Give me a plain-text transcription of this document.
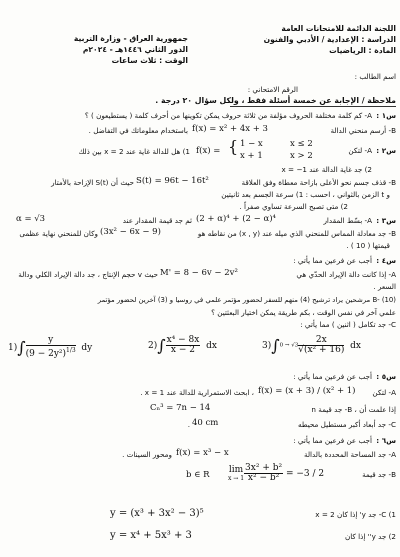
اللجنة الدائمة للامتحانات العامة
الدراسة : الإعدادية / الأدبي والفنون
المادة : الرياضيات
جمهورية العراق - وزارة التربية
الدور الثاني ١٤٤٦هـ - ٢٠٢٤م
الوقت : ثلاث ساعات
اسم الطالب :
الرقم الامتحاني :
ملاحظة / الإجابة عن خمسة أسئلة فقط ، ولكل سؤال ٢٠ درجة .
س١ :
A- كم كلمة مختلفة الحروف مؤلفة من ثلاثة حروف يمكن تكوينها من أحرف كلمة ( يستطيعون ) ؟
B- أرسم منحني الدالة
f(x) = x² + 4x + 3
باستخدام معلوماتك في التفاضل .
س٢ :
A- لتكن
f(x) = { 1 − x	x ≤ 2
x + 1	x > 2
1) هل للدالة غاية عند x = 2 بين ذلك
2) جد غاية الدالة عند 1− = x
B- قذف جسم نحو الأعلى بازاحة معطاة وفق العلاقة
S(t) = 96t − 16t²
حيث أن S(t) الإزاحة بالأمتار
و t الزمن بالثواني ، احسب : 1) سرعة الجسم بعد ثانيتين
2) متى تصبح السرعة تساوي صفراً .
س٣ :
A- بسّط المقدار
(2 + α)⁴ + (2 − α)⁴
ثم جد قيمة المقدار عند
α = √3
B- جد معادلة المماس للمنحني الذي ميله عند (x , y) من نقاطه هو
(3x² − 6x − 9)
وكان للمنحني نهاية عظمى
قيمتها ( 10 ) .
س٤ :
أجب عن فرعين مما يأتي :
A- إذا كانت دالة الإيراد الحدّي هي
M' = 8 − 6v − 2v²
حيث v حجم الإنتاج ، جد دالة الإيراد الكلي ودالة
السعر .
B- (10) مرشحين يراد ترشيح (4) منهم للسفر لحضور مؤتمر علمي في روسيا و (3) آخرين لحضور مؤتمر
علمي آخر في نفس الوقت ، بكم طريقة يمكن اختيار البعثتين ؟
C- جد تكامل ( اثنين ) مما يأتي :
$1)\int \frac{y}{(9 - 2y^2)^{1/3}}$ dy	$2)\int \frac{\text{x⁴ − 8x}}{x - 2}$ dx	$3)\int 0 \to √3 \frac{2x}{\text{√(x² + 16)}}$ dx
س٥ :
أجب عن فرعين مما يأتي :
A- لتكن
f(x) = (x + 3) / (x² + 1)
، ابحث الاستمرارية للدالة عند x = 1 .
Cₙ³ = 7n − 14	إذا علمت أن ، B- جد قيمة n
C- جد أبعاد أكبر مستطيل محيطه
40 cm
.
س٦ :
أجب عن فرعين مما يأتي :
A- جد المساحة المحددة بالدالة
f(x) = x³ − x
ومحور السينات .
b ∈ R lim
$x \to 1 \frac{\text{3x² + b²}}{\text{x² − b²}} = -3 / 2$	B- جد قيمة
y = (x³ + 3x² − 3)⁵	1) C- جد y' إذا كان x = 2
y = x⁴ + 5x³ + 3	2) جد y'' إذا كان
